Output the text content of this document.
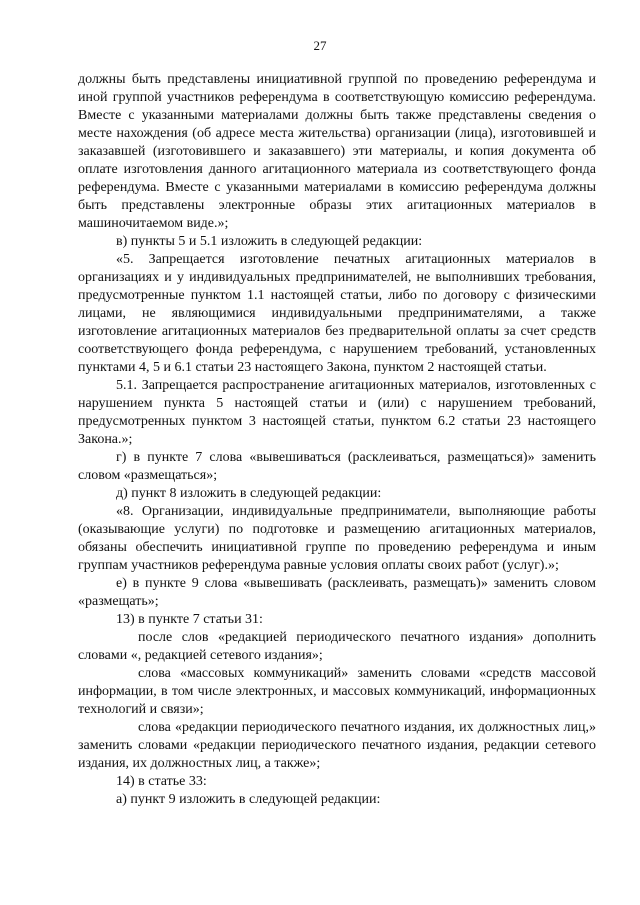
27

должны быть представлены инициативной группой по проведению референдума и иной группой участников референдума в соответствующую комиссию референдума. Вместе с указанными материалами должны быть также представлены сведения о месте нахождения (об адресе места жительства) организации (лица), изготовившей и заказавшей (изготовившего и заказавшего) эти материалы, и копия документа об оплате изготовления данного агитационного материала из соответствующего фонда референдума. Вместе с указанными материалами в комиссию референдума должны быть представлены электронные образы этих агитационных материалов в машиночитаемом виде.»;

в) пункты 5 и 5.1 изложить в следующей редакции:

«5. Запрещается изготовление печатных агитационных материалов в организациях и у индивидуальных предпринимателей, не выполнивших требования, предусмотренные пунктом 1.1 настоящей статьи, либо по договору с физическими лицами, не являющимися индивидуальными предпринимателями, а также изготовление агитационных материалов без предварительной оплаты за счет средств соответствующего фонда референдума, с нарушением требований, установленных пунктами 4, 5 и 6.1 статьи 23 настоящего Закона, пунктом 2 настоящей статьи.

5.1. Запрещается распространение агитационных материалов, изготовленных с нарушением пункта 5 настоящей статьи и (или) с нарушением требований, предусмотренных пунктом 3 настоящей статьи, пунктом 6.2 статьи 23 настоящего Закона.»;

г) в пункте 7 слова «вывешиваться (расклеиваться, размещаться)» заменить словом «размещаться»;

д) пункт 8 изложить в следующей редакции:

«8. Организации, индивидуальные предприниматели, выполняющие работы (оказывающие услуги) по подготовке и размещению агитационных материалов, обязаны обеспечить инициативной группе по проведению референдума и иным группам участников референдума равные условия оплаты своих работ (услуг).»;

е) в пункте 9 слова «вывешивать (расклеивать, размещать)» заменить словом «размещать»;

13) в пункте 7 статьи 31:

после слов «редакцией периодического печатного издания» дополнить словами «, редакцией сетевого издания»;

слова «массовых коммуникаций» заменить словами «средств массовой информации, в том числе электронных, и массовых коммуникаций, информационных технологий и связи»;

слова «редакции периодического печатного издания, их должностных лиц,» заменить словами «редакции периодического печатного издания, редакции сетевого издания, их должностных лиц, а также»;

14) в статье 33:

а) пункт 9 изложить в следующей редакции:
